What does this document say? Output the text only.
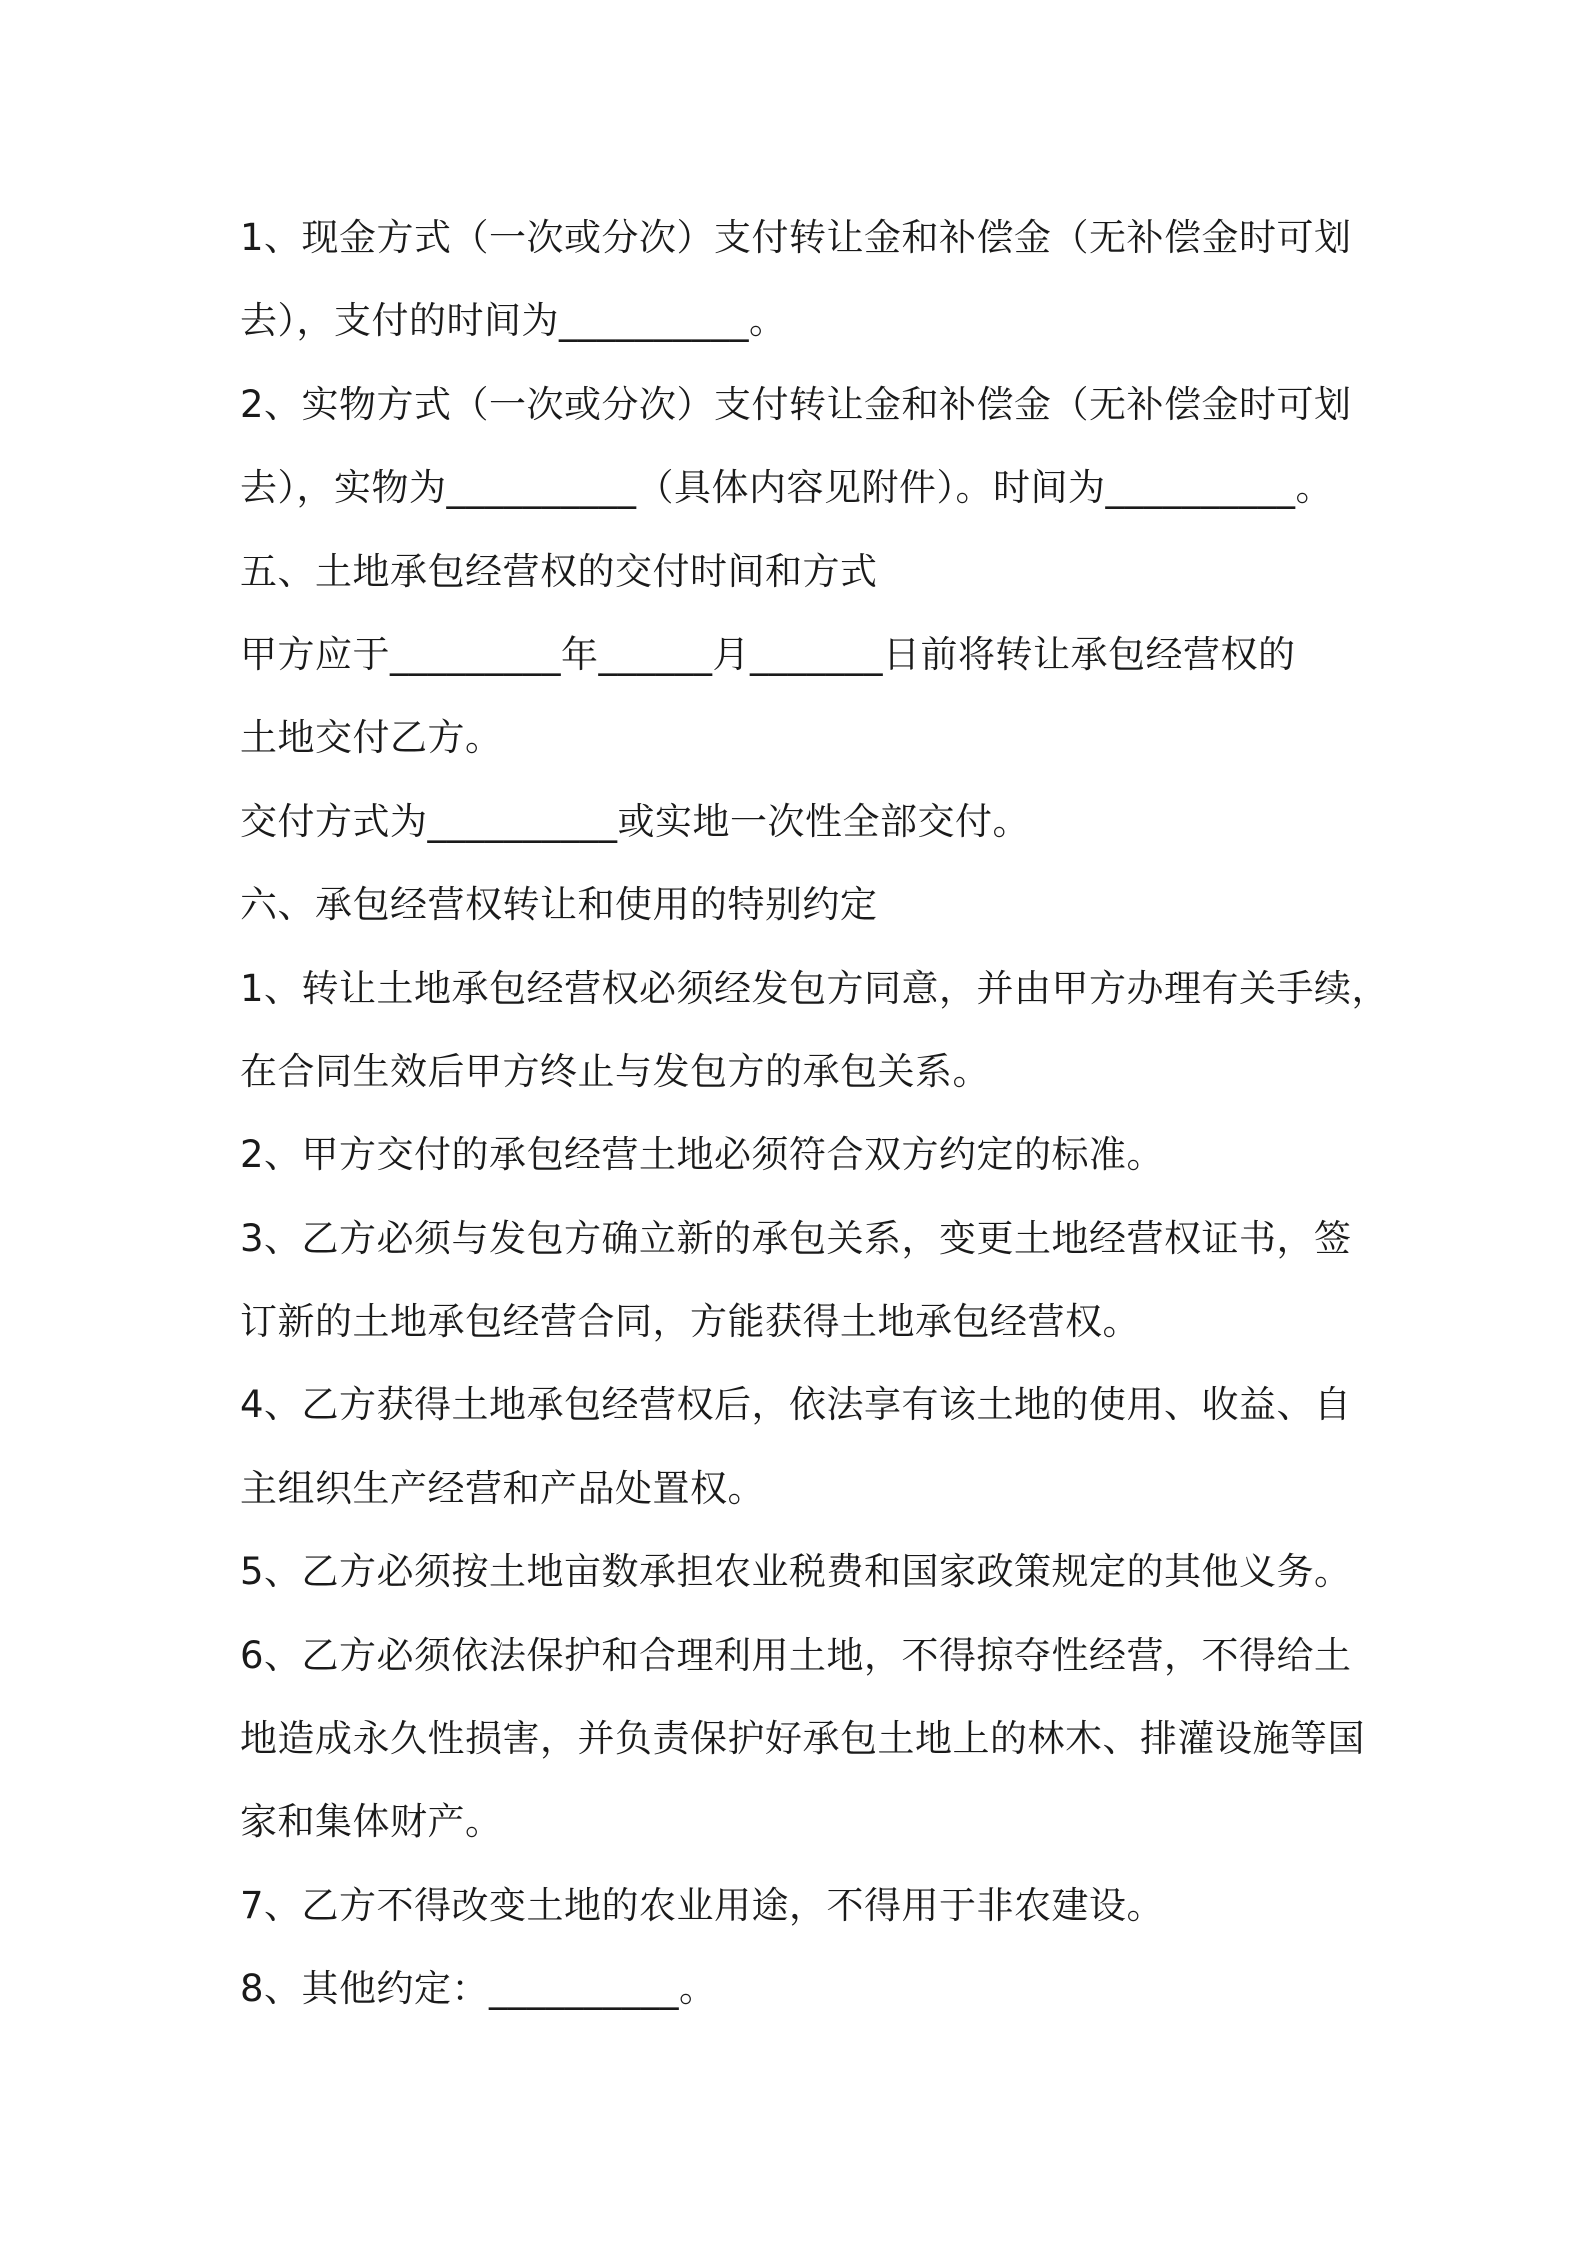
1、现金方式（一次或分次）支付转让金和补偿金（无补偿金时可划
去），支付的时间为__________。
2、实物方式（一次或分次）支付转让金和补偿金（无补偿金时可划
去），实物为__________（具体内容见附件）。时间为__________。
五、土地承包经营权的交付时间和方式
甲方应于_________年______月_______日前将转让承包经营权的
土地交付乙方。
交付方式为__________或实地一次性全部交付。
六、承包经营权转让和使用的特别约定
1、转让土地承包经营权必须经发包方同意，并由甲方办理有关手续，
在合同生效后甲方终止与发包方的承包关系。
2、甲方交付的承包经营土地必须符合双方约定的标准。
3、乙方必须与发包方确立新的承包关系，变更土地经营权证书，签
订新的土地承包经营合同，方能获得土地承包经营权。
4、乙方获得土地承包经营权后，依法享有该土地的使用、收益、自
主组织生产经营和产品处置权。
5、乙方必须按土地亩数承担农业税费和国家政策规定的其他义务。
6、乙方必须依法保护和合理利用土地，不得掠夺性经营，不得给土
地造成永久性损害，并负责保护好承包土地上的林木、排灌设施等国
家和集体财产。
7、乙方不得改变土地的农业用途，不得用于非农建设。
8、其他约定：__________。
